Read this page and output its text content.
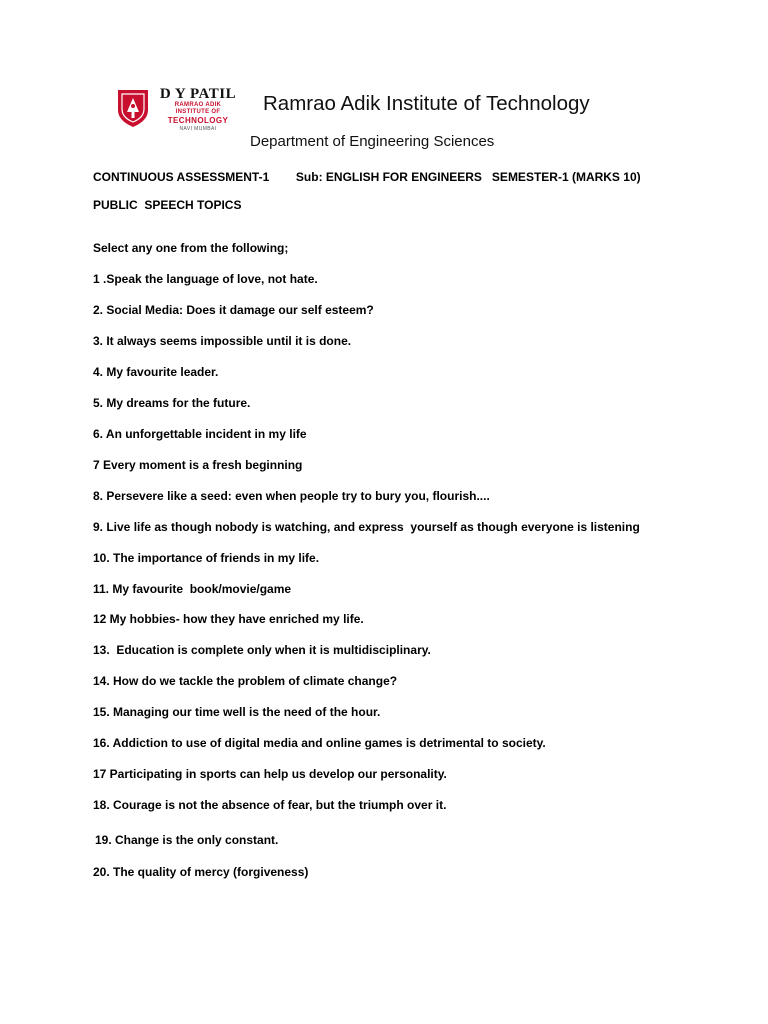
D Y PATIL
RAMRAO ADIK
INSTITUTE OF
TECHNOLOGY
NAVI MUMBAI
Ramrao Adik Institute of Technology
Department of Engineering Sciences
CONTINUOUS ASSESSMENT-1        Sub: ENGLISH FOR ENGINEERS   SEMESTER-1 (MARKS 10)
PUBLIC  SPEECH TOPICS
Select any one from the following;
1 .Speak the language of love, not hate.
2. Social Media: Does it damage our self esteem?
3. It always seems impossible until it is done.
4. My favourite leader.
5. My dreams for the future.
6. An unforgettable incident in my life
7 Every moment is a fresh beginning
8. Persevere like a seed: even when people try to bury you, flourish....
9. Live life as though nobody is watching, and express  yourself as though everyone is listening
10. The importance of friends in my life.
11. My favourite  book/movie/game
12 My hobbies- how they have enriched my life.
13.  Education is complete only when it is multidisciplinary.
14. How do we tackle the problem of climate change?
15. Managing our time well is the need of the hour.
16. Addiction to use of digital media and online games is detrimental to society.
17 Participating in sports can help us develop our personality.
18. Courage is not the absence of fear, but the triumph over it.
19. Change is the only constant.
20. The quality of mercy (forgiveness)
